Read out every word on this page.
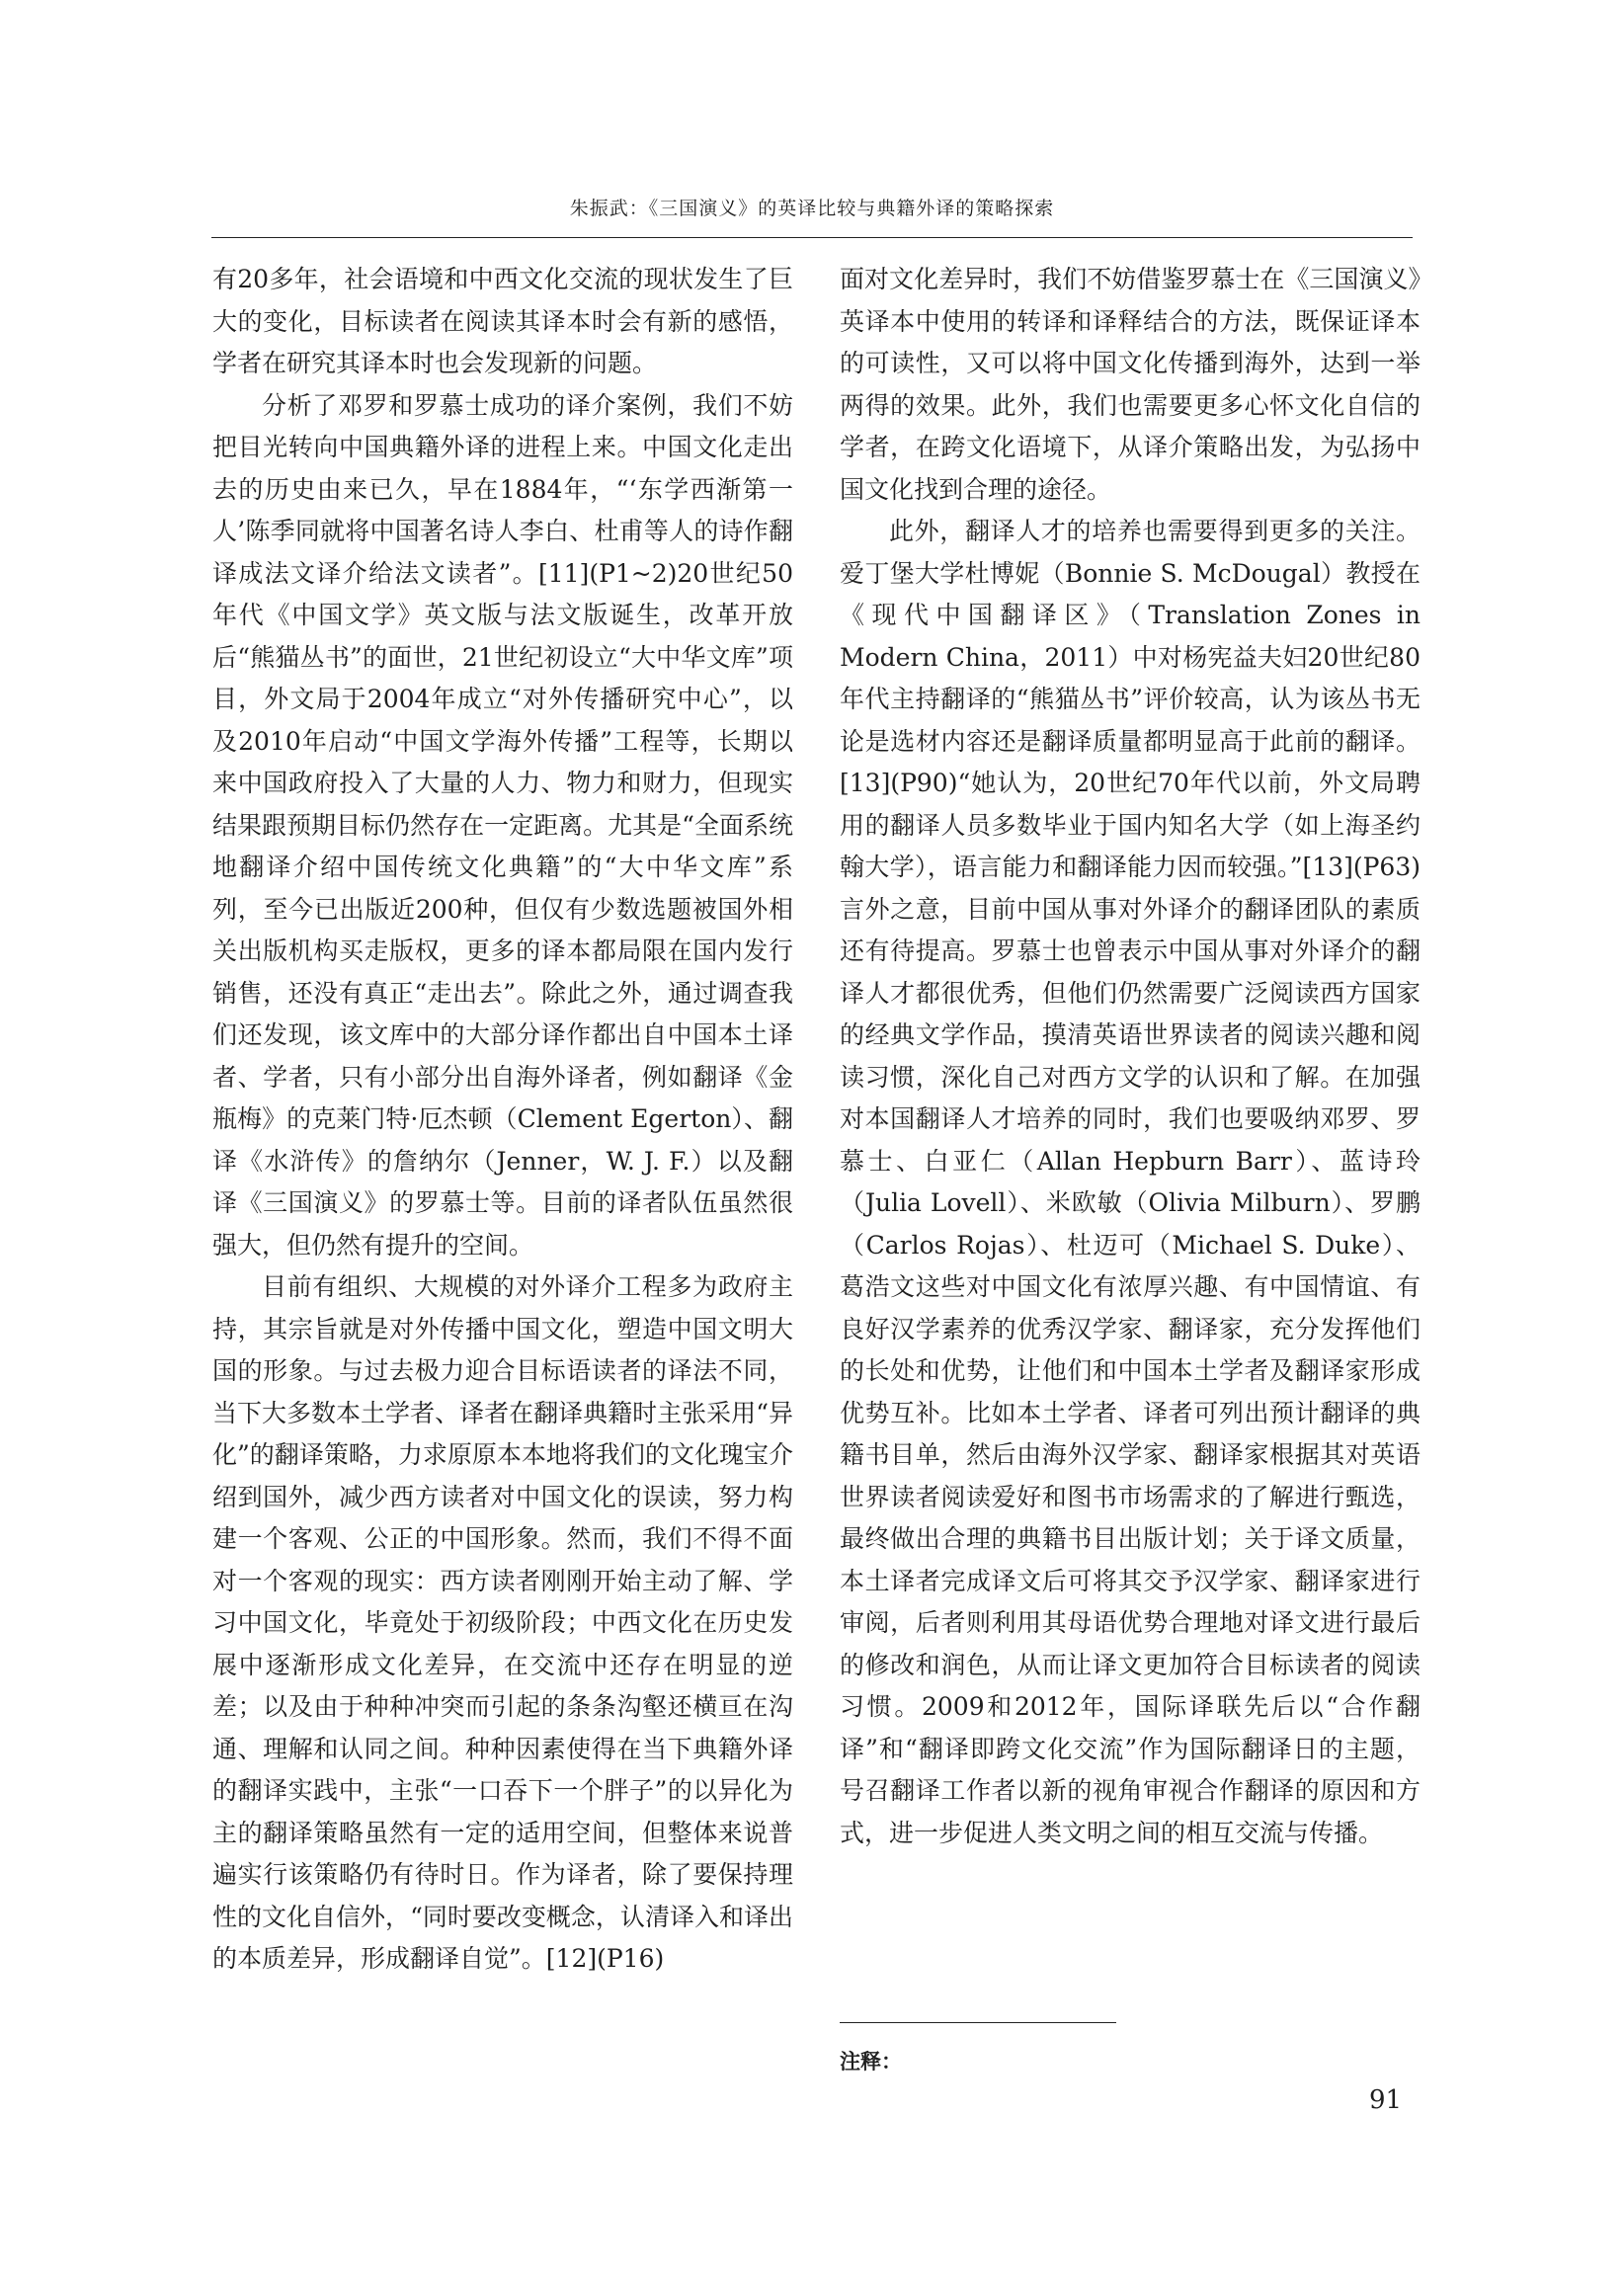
朱振武：《三国演义》的英译比较与典籍外译的策略探索

有20多年，社会语境和中西文化交流的现状发生了巨大的变化，目标读者在阅读其译本时会有新的感悟，学者在研究其译本时也会发现新的问题。

分析了邓罗和罗慕士成功的译介案例，我们不妨把目光转向中国典籍外译的进程上来。中国文化走出去的历史由来已久，早在1884年，“‘东学西渐第一人’陈季同就将中国著名诗人李白、杜甫等人的诗作翻译成法文译介给法文读者”。[11](P1~2)20世纪50年代《中国文学》英文版与法文版诞生，改革开放后“熊猫丛书”的面世，21世纪初设立“大中华文库”项目，外文局于2004年成立“对外传播研究中心”，以及2010年启动“中国文学海外传播”工程等，长期以来中国政府投入了大量的人力、物力和财力，但现实结果跟预期目标仍然存在一定距离。尤其是“全面系统地翻译介绍中国传统文化典籍”的“大中华文库”系列，至今已出版近200种，但仅有少数选题被国外相关出版机构买走版权，更多的译本都局限在国内发行销售，还没有真正“走出去”。除此之外，通过调查我们还发现，该文库中的大部分译作都出自中国本土译者、学者，只有小部分出自海外译者，例如翻译《金瓶梅》的克莱门特·厄杰顿（Clement Egerton）、翻译《水浒传》的詹纳尔（Jenner，W. J. F.）以及翻译《三国演义》的罗慕士等。目前的译者队伍虽然很强大，但仍然有提升的空间。

目前有组织、大规模的对外译介工程多为政府主持，其宗旨就是对外传播中国文化，塑造中国文明大国的形象。与过去极力迎合目标语读者的译法不同，当下大多数本土学者、译者在翻译典籍时主张采用“异化”的翻译策略，力求原原本本地将我们的文化瑰宝介绍到国外，减少西方读者对中国文化的误读，努力构建一个客观、公正的中国形象。然而，我们不得不面对一个客观的现实：西方读者刚刚开始主动了解、学习中国文化，毕竟处于初级阶段；中西文化在历史发展中逐渐形成文化差异，在交流中还存在明显的逆差；以及由于种种冲突而引起的条条沟壑还横亘在沟通、理解和认同之间。种种因素使得在当下典籍外译的翻译实践中，主张“一口吞下一个胖子”的以异化为主的翻译策略虽然有一定的适用空间，但整体来说普遍实行该策略仍有待时日。作为译者，除了要保持理性的文化自信外，“同时要改变概念，认清译入和译出的本质差异，形成翻译自觉”。[12](P16)

面对文化差异时，我们不妨借鉴罗慕士在《三国演义》英译本中使用的转译和译释结合的方法，既保证译本的可读性，又可以将中国文化传播到海外，达到一举两得的效果。此外，我们也需要更多心怀文化自信的学者，在跨文化语境下，从译介策略出发，为弘扬中国文化找到合理的途径。

此外，翻译人才的培养也需要得到更多的关注。爱丁堡大学杜博妮（Bonnie S. McDougal）教授在《现代中国翻译区》（Translation Zones in Modern China，2011）中对杨宪益夫妇20世纪80年代主持翻译的“熊猫丛书”评价较高，认为该丛书无论是选材内容还是翻译质量都明显高于此前的翻译。[13](P90)“她认为，20世纪70年代以前，外文局聘用的翻译人员多数毕业于国内知名大学（如上海圣约翰大学），语言能力和翻译能力因而较强。”[13](P63)言外之意，目前中国从事对外译介的翻译团队的素质还有待提高。罗慕士也曾表示中国从事对外译介的翻译人才都很优秀，但他们仍然需要广泛阅读西方国家的经典文学作品，摸清英语世界读者的阅读兴趣和阅读习惯，深化自己对西方文学的认识和了解。在加强对本国翻译人才培养的同时，我们也要吸纳邓罗、罗慕士、白亚仁（Allan Hepburn Barr）、蓝诗玲（Julia Lovell）、米欧敏（Olivia Milburn）、罗鹏（Carlos Rojas）、杜迈可（Michael S. Duke）、葛浩文这些对中国文化有浓厚兴趣、有中国情谊、有良好汉学素养的优秀汉学家、翻译家，充分发挥他们的长处和优势，让他们和中国本土学者及翻译家形成优势互补。比如本土学者、译者可列出预计翻译的典籍书目单，然后由海外汉学家、翻译家根据其对英语世界读者阅读爱好和图书市场需求的了解进行甄选，最终做出合理的典籍书目出版计划；关于译文质量，本土译者完成译文后可将其交予汉学家、翻译家进行审阅，后者则利用其母语优势合理地对译文进行最后的修改和润色，从而让译文更加符合目标读者的阅读习惯。2009和2012年，国际译联先后以“合作翻译”和“翻译即跨文化交流”作为国际翻译日的主题，号召翻译工作者以新的视角审视合作翻译的原因和方式，进一步促进人类文明之间的相互交流与传播。

注释：
91
